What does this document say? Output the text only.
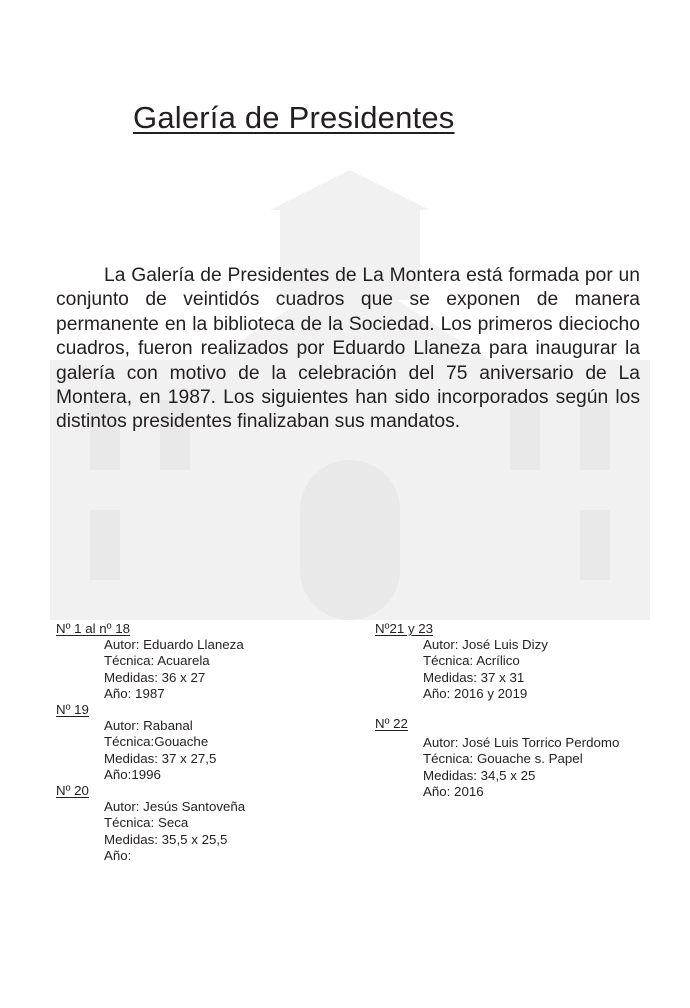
Galería de Presidentes

La Galería de Presidentes de La Montera está formada por un conjunto de veintidós cuadros que se exponen de manera permanente en la biblioteca de la Sociedad. Los primeros dieciocho cuadros, fueron realizados por Eduardo Llaneza para inaugurar la galería con motivo de la celebración del 75 aniversario de La Montera, en 1987. Los siguientes han sido incorporados según los distintos presidentes finalizaban sus mandatos.

Nº 1 al nº 18
Autor: Eduardo Llaneza
Técnica: Acuarela
Medidas: 36 x 27
Año: 1987
Nº 19
Autor: Rabanal
Técnica:Gouache
Medidas: 37 x 27,5
Año:1996
Nº 20
Autor: Jesús Santoveña
Técnica: Seca
Medidas: 35,5 x 25,5
Año:
Nº21 y 23
Autor: José Luis Dizy
Técnica: Acrílico
Medidas: 37 x 31
Año: 2016 y 2019
Nº 22
Autor: José Luis Torrico Perdomo
Técnica: Gouache s. Papel
Medidas: 34,5 x 25
Año: 2016
